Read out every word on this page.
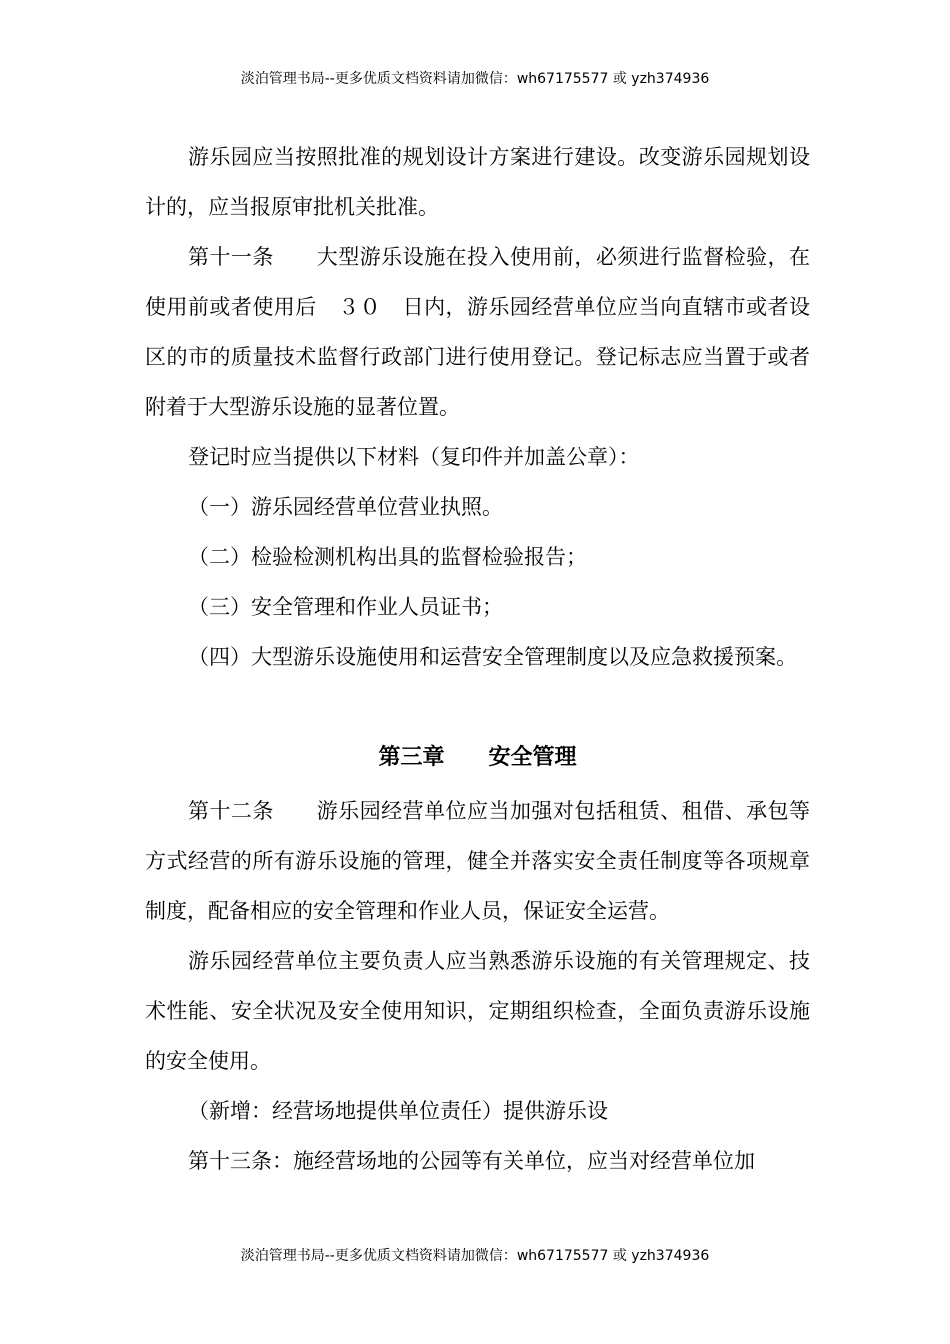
淡泊管理书局--更多优质文档资料请加微信：wh67175577 或 yzh374936

游乐园应当按照批准的规划设计方案进行建设。改变游乐园规划设计的，应当报原审批机关批准。

第十一条　　大型游乐设施在投入使用前，必须进行监督检验，在使用前或者使用后　３０　日内，游乐园经营单位应当向直辖市或者设区的市的质量技术监督行政部门进行使用登记。登记标志应当置于或者附着于大型游乐设施的显著位置。

登记时应当提供以下材料（复印件并加盖公章）：

（一）游乐园经营单位营业执照。

（二）检验检测机构出具的监督检验报告；

（三）安全管理和作业人员证书；

（四）大型游乐设施使用和运营安全管理制度以及应急救援预案。

第三章　　安全管理

第十二条　　游乐园经营单位应当加强对包括租赁、租借、承包等方式经营的所有游乐设施的管理，健全并落实安全责任制度等各项规章制度，配备相应的安全管理和作业人员，保证安全运营。

游乐园经营单位主要负责人应当熟悉游乐设施的有关管理规定、技术性能、安全状况及安全使用知识，定期组织检查，全面负责游乐设施的安全使用。

（新增：经营场地提供单位责任）提供游乐设

第十三条：施经营场地的公园等有关单位，应当对经营单位加

淡泊管理书局--更多优质文档资料请加微信：wh67175577 或 yzh374936
